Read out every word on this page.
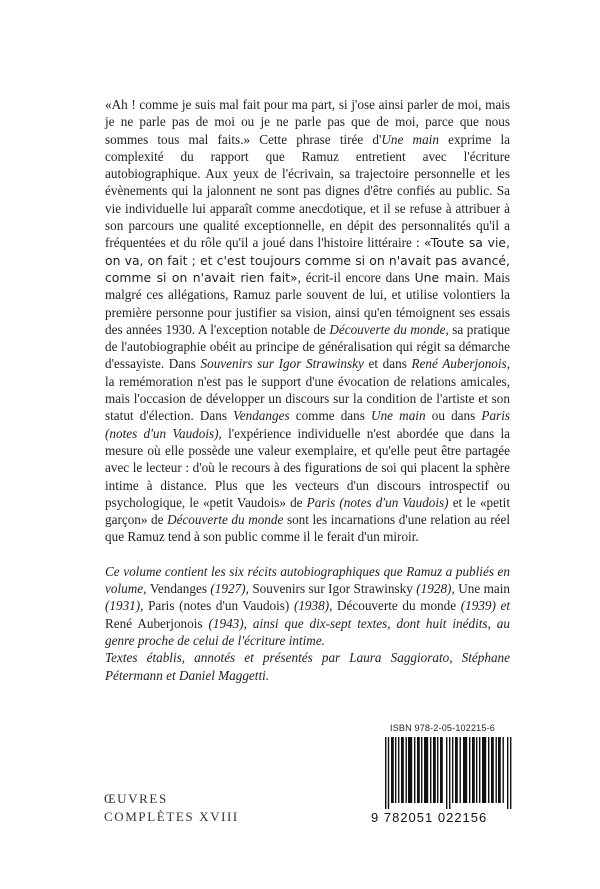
«Ah ! comme je suis mal fait pour ma part, si j'ose ainsi parler de moi, mais je ne parle pas de moi ou je ne parle pas que de moi, parce que nous sommes tous mal faits.» Cette phrase tirée d'Une main exprime la complexité du rapport que Ramuz entretient avec l'écriture autobiographique. Aux yeux de l'écrivain, sa trajectoire personnelle et les évènements qui la jalonnent ne sont pas dignes d'être confiés au public. Sa vie individuelle lui apparaît comme anecdotique, et il se refuse à attribuer à son parcours une qualité exceptionnelle, en dépit des personnalités qu'il a fréquentées et du rôle qu'il a joué dans l'histoire littéraire : «Toute sa vie, on va, on fait ; et c'est toujours comme si on n'avait pas avancé, comme si on n'avait rien fait», écrit-il encore dans Une main. Mais malgré ces allégations, Ramuz parle souvent de lui, et utilise volontiers la première personne pour justifier sa vision, ainsi qu'en témoignent ses essais des années 1930. A l'exception notable de Découverte du monde, sa pratique de l'autobiographie obéit au principe de généralisation qui régit sa démarche d'essayiste. Dans Souvenirs sur Igor Strawinsky et dans René Auberjonois, la remémoration n'est pas le support d'une évocation de relations amicales, mais l'occasion de développer un discours sur la condition de l'artiste et son statut d'élection. Dans Vendanges comme dans Une main ou dans Paris (notes d'un Vaudois), l'expérience individuelle n'est abordée que dans la mesure où elle possède une valeur exemplaire, et qu'elle peut être partagée avec le lecteur : d'où le recours à des figurations de soi qui placent la sphère intime à distance. Plus que les vecteurs d'un discours introspectif ou psychologique, le «petit Vaudois» de Paris (notes d'un Vaudois) et le «petit garçon» de Découverte du monde sont les incarnations d'une relation au réel que Ramuz tend à son public comme il le ferait d'un miroir.

Ce volume contient les six récits autobiographiques que Ramuz a publiés en volume, Vendanges (1927), Souvenirs sur Igor Strawinsky (1928), Une main (1931), Paris (notes d'un Vaudois) (1938), Découverte du monde (1939) et René Auberjonois (1943), ainsi que dix-sept textes, dont huit inédits, au genre proche de celui de l'écriture intime.

Textes établis, annotés et présentés par Laura Saggiorato, Stéphane Pétermann et Daniel Maggetti.

ŒUVRES
COMPLÈTES XVIII
ISBN 978-2-05-102215-6
9 782051 022156
